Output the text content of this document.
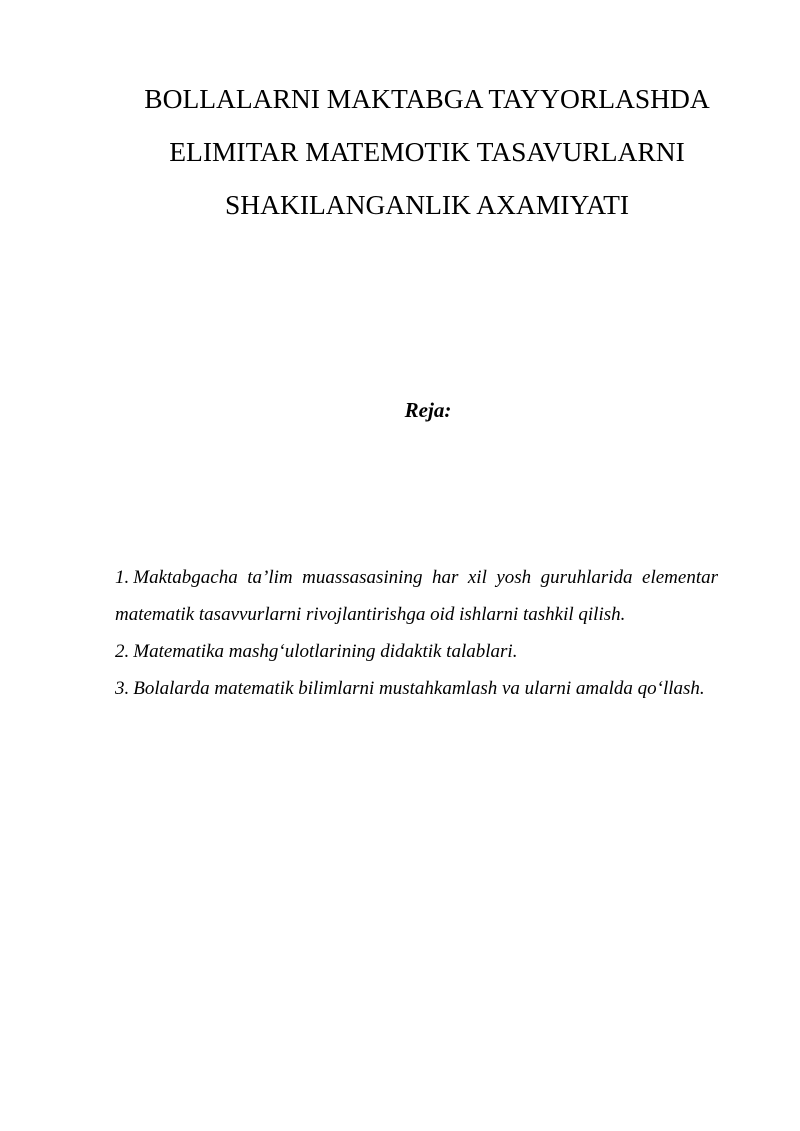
BOLLALARNI MAKTABGA TAYYORLASHDA
ELIMITAR MATEMOTIK TASAVURLARNI
SHAKILANGANLIK AXAMIYATI
Reja:
1. Maktabgacha ta’lim muassasasining har xil yosh guruhlarida elementar matematik tasavvurlarni rivojlantirishga oid ishlarni tashkil qilish.
2. Matematika mashg‘ulotlarining didaktik talablari.
3. Bolalarda matematik bilimlarni mustahkamlash va ularni amalda qo‘llash.
